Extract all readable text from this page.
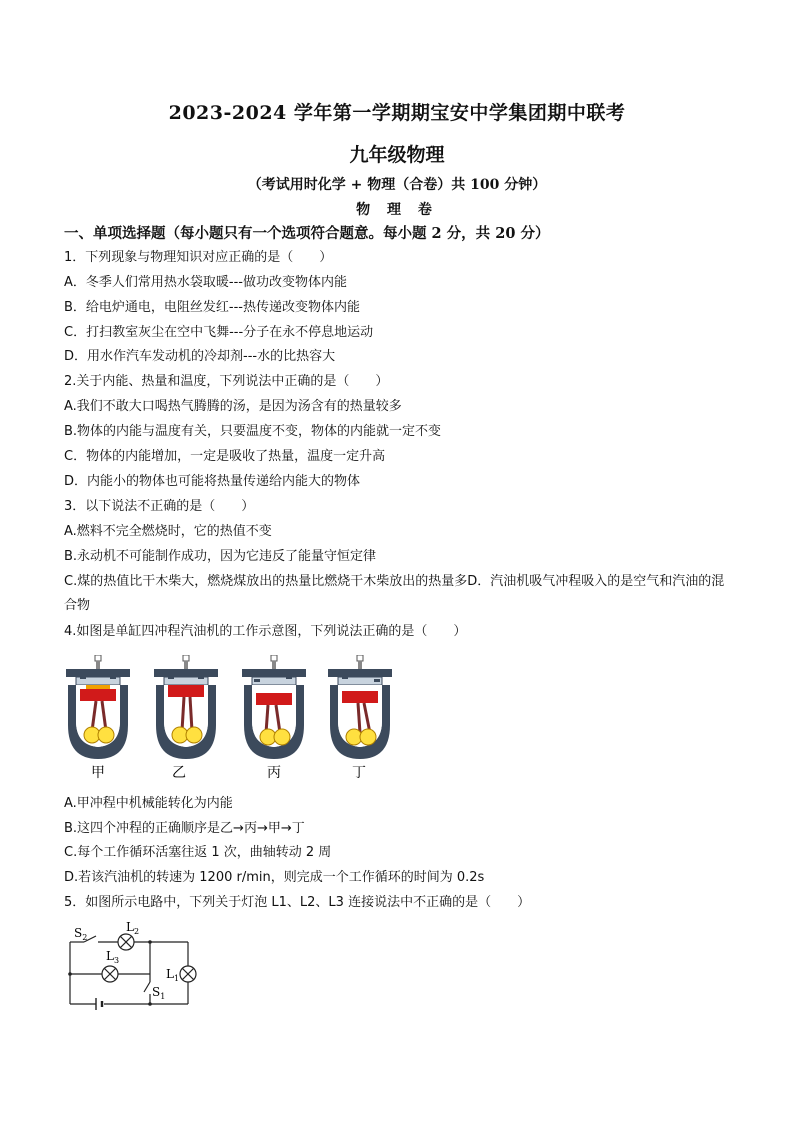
2023-2024 学年第一学期期宝安中学集团期中联考
九年级物理
（考试用时化学 + 物理（合卷）共 100 分钟）
物 理 卷
一、单项选择题（每小题只有一个选项符合题意。每小题 2 分，共 20 分）
1．下列现象与物理知识对应正确的是（　　）
A．冬季人们常用热水袋取暖---做功改变物体内能
B．给电炉通电，电阻丝发红---热传递改变物体内能
C．打扫教室灰尘在空中飞舞---分子在永不停息地运动
D．用水作汽车发动机的冷却剂---水的比热容大
2.关于内能、热量和温度，下列说法中正确的是（　　）
A.我们不敢大口喝热气腾腾的汤，是因为汤含有的热量较多
B.物体的内能与温度有关，只要温度不变，物体的内能就一定不变
C．物体的内能增加，一定是吸收了热量，温度一定升高
D．内能小的物体也可能将热量传递给内能大的物体
3．以下说法不正确的是（　　）
A.燃料不完全燃烧时，它的热值不变
B.永动机不可能制作成功，因为它违反了能量守恒定律
C.煤的热值比干木柴大，燃烧煤放出的热量比燃烧干木柴放出的热量多D．汽油机吸气冲程吸入的是空气和汽油的混合物
4.如图是单缸四冲程汽油机的工作示意图，下列说法正确的是（　　）
甲	乙	丙	丁
A.甲冲程中机械能转化为内能
B.这四个冲程的正确顺序是乙→丙→甲→丁
C.每个工作循环活塞往返 1 次，曲轴转动 2 周
D.若该汽油机的转速为 1200 r/min，则完成一个工作循环的时间为 0.2s
5．如图所示电路中，下列关于灯泡 L1、L2、L3 连接说法中不正确的是（　　）
$S_2$
$L_2$
$L_3$
$L_1$
$S_1$
